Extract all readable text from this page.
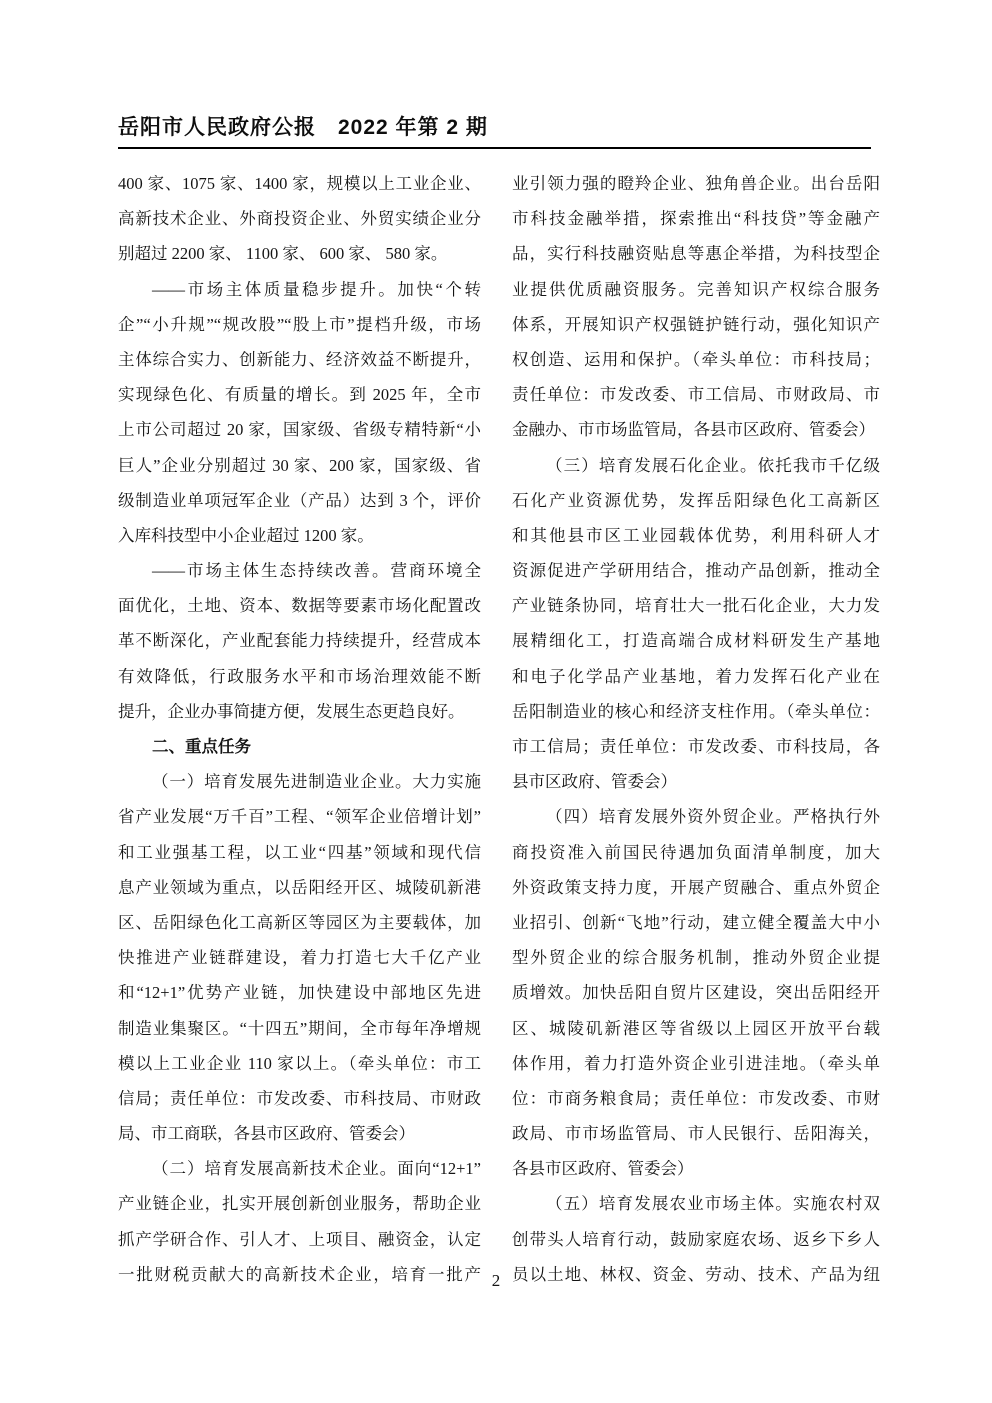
岳阳市人民政府公报　2022 年第 2 期
400 家、1075 家、1400 家，规模以上工业企业、
高新技术企业、外商投资企业、外贸实绩企业分
别超过 2200 家、 1100 家、 600 家、 580 家。
——市场主体质量稳步提升。加快“个转
企”“小升规”“规改股”“股上市”提档升级，市场
主体综合实力、创新能力、经济效益不断提升，
实现绿色化、有质量的增长。到 2025 年，全市
上市公司超过 20 家，国家级、省级专精特新“小
巨人”企业分别超过 30 家、200 家，国家级、省
级制造业单项冠军企业（产品）达到 3 个，评价
入库科技型中小企业超过 1200 家。
——市场主体生态持续改善。营商环境全
面优化，土地、资本、数据等要素市场化配置改
革不断深化，产业配套能力持续提升，经营成本
有效降低，行政服务水平和市场治理效能不断
提升，企业办事简捷方便，发展生态更趋良好。
二、重点任务
（一）培育发展先进制造业企业。大力实施
省产业发展“万千百”工程、“领军企业倍增计划”
和工业强基工程，以工业“四基”领域和现代信
息产业领域为重点，以岳阳经开区、城陵矶新港
区、岳阳绿色化工高新区等园区为主要载体，加
快推进产业链群建设，着力打造七大千亿产业
和“12+1”优势产业链，加快建设中部地区先进
制造业集聚区。“十四五”期间，全市每年净增规
模以上工业企业 110 家以上。（牵头单位：市工
信局；责任单位：市发改委、市科技局、市财政
局、市工商联，各县市区政府、管委会）
（二）培育发展高新技术企业。面向“12+1”
产业链企业，扎实开展创新创业服务，帮助企业
抓产学研合作、引人才、上项目、融资金，认定
一批财税贡献大的高新技术企业，培育一批产
业引领力强的瞪羚企业、独角兽企业。出台岳阳
市科技金融举措，探索推出“科技贷”等金融产
品，实行科技融资贴息等惠企举措，为科技型企
业提供优质融资服务。完善知识产权综合服务
体系，开展知识产权强链护链行动，强化知识产
权创造、运用和保护。（牵头单位：市科技局；
责任单位：市发改委、市工信局、市财政局、市
金融办、市市场监管局，各县市区政府、管委会）
（三）培育发展石化企业。依托我市千亿级
石化产业资源优势，发挥岳阳绿色化工高新区
和其他县市区工业园载体优势，利用科研人才
资源促进产学研用结合，推动产品创新，推动全
产业链条协同，培育壮大一批石化企业，大力发
展精细化工，打造高端合成材料研发生产基地
和电子化学品产业基地，着力发挥石化产业在
岳阳制造业的核心和经济支柱作用。（牵头单位：
市工信局；责任单位：市发改委、市科技局，各
县市区政府、管委会）
（四）培育发展外资外贸企业。严格执行外
商投资准入前国民待遇加负面清单制度，加大
外资政策支持力度，开展产贸融合、重点外贸企
业招引、创新“飞地”行动，建立健全覆盖大中小
型外贸企业的综合服务机制，推动外贸企业提
质增效。加快岳阳自贸片区建设，突出岳阳经开
区、城陵矶新港区等省级以上园区开放平台载
体作用，着力打造外资企业引进洼地。（牵头单
位：市商务粮食局；责任单位：市发改委、市财
政局、市市场监管局、市人民银行、岳阳海关，
各县市区政府、管委会）
（五）培育发展农业市场主体。实施农村双
创带头人培育行动，鼓励家庭农场、返乡下乡人
员以土地、林权、资金、劳动、技术、产品为纽
2
